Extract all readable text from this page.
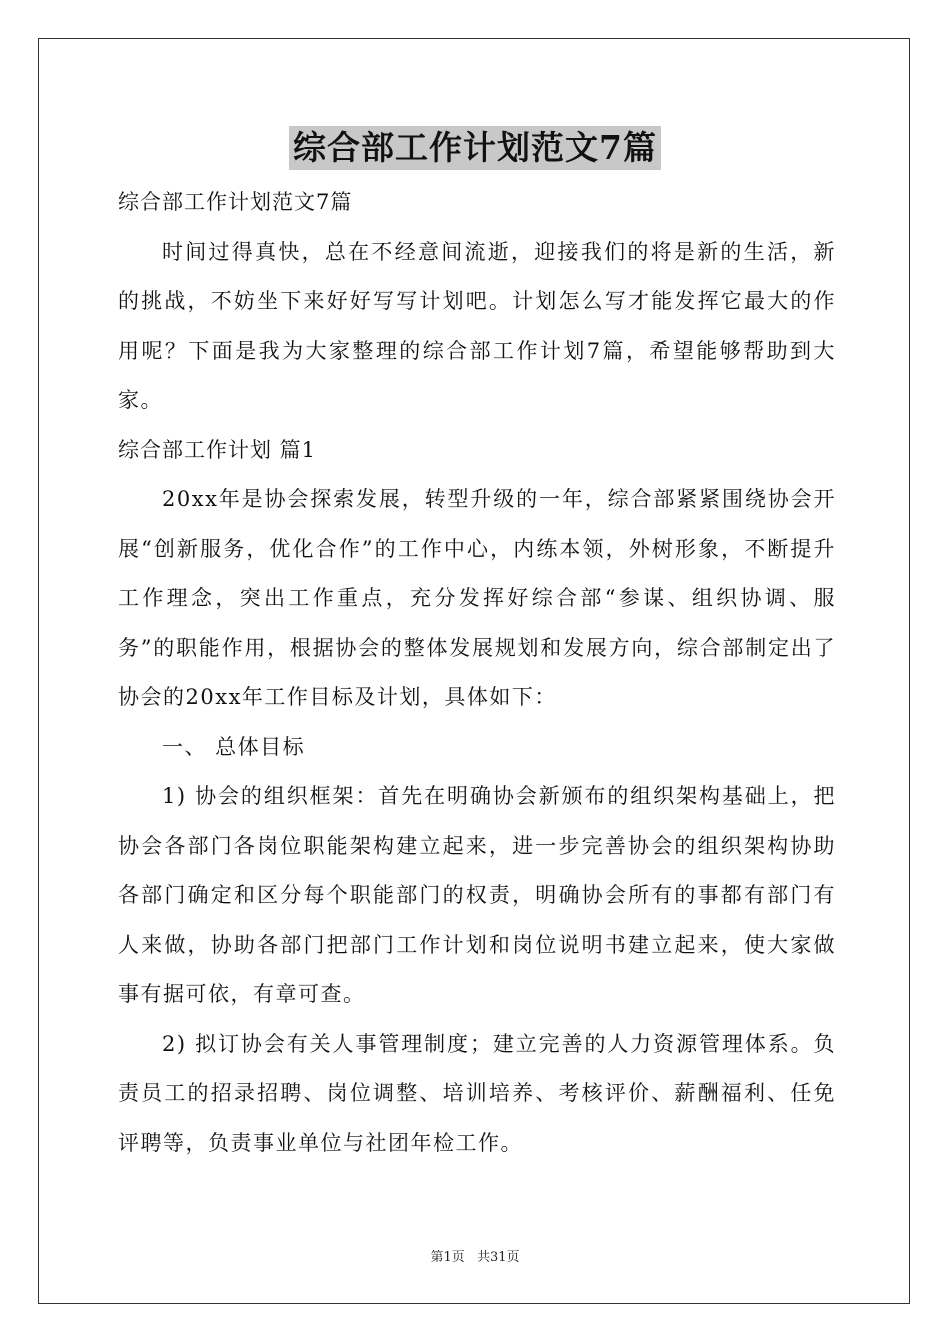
综合部工作计划范文7篇

综合部工作计划范文7篇

时间过得真快，总在不经意间流逝，迎接我们的将是新的生活，新的挑战，不妨坐下来好好写写计划吧。计划怎么写才能发挥它最大的作用呢？下面是我为大家整理的综合部工作计划7篇，希望能够帮助到大家。

综合部工作计划 篇1

20xx年是协会探索发展，转型升级的一年，综合部紧紧围绕协会开展“创新服务，优化合作”的工作中心，内练本领，外树形象，不断提升工作理念，突出工作重点，充分发挥好综合部“参谋、组织协调、服务”的职能作用，根据协会的整体发展规划和发展方向，综合部制定出了协会的20xx年工作目标及计划，具体如下：

一、 总体目标

1) 协会的组织框架：首先在明确协会新颁布的组织架构基础上，把协会各部门各岗位职能架构建立起来，进一步完善协会的组织架构协助各部门确定和区分每个职能部门的权责，明确协会所有的事都有部门有人来做，协助各部门把部门工作计划和岗位说明书建立起来，使大家做事有据可依，有章可查。

2) 拟订协会有关人事管理制度；建立完善的人力资源管理体系。负责员工的招录招聘、岗位调整、培训培养、考核评价、薪酬福利、任免评聘等，负责事业单位与社团年检工作。

第1页 共31页
